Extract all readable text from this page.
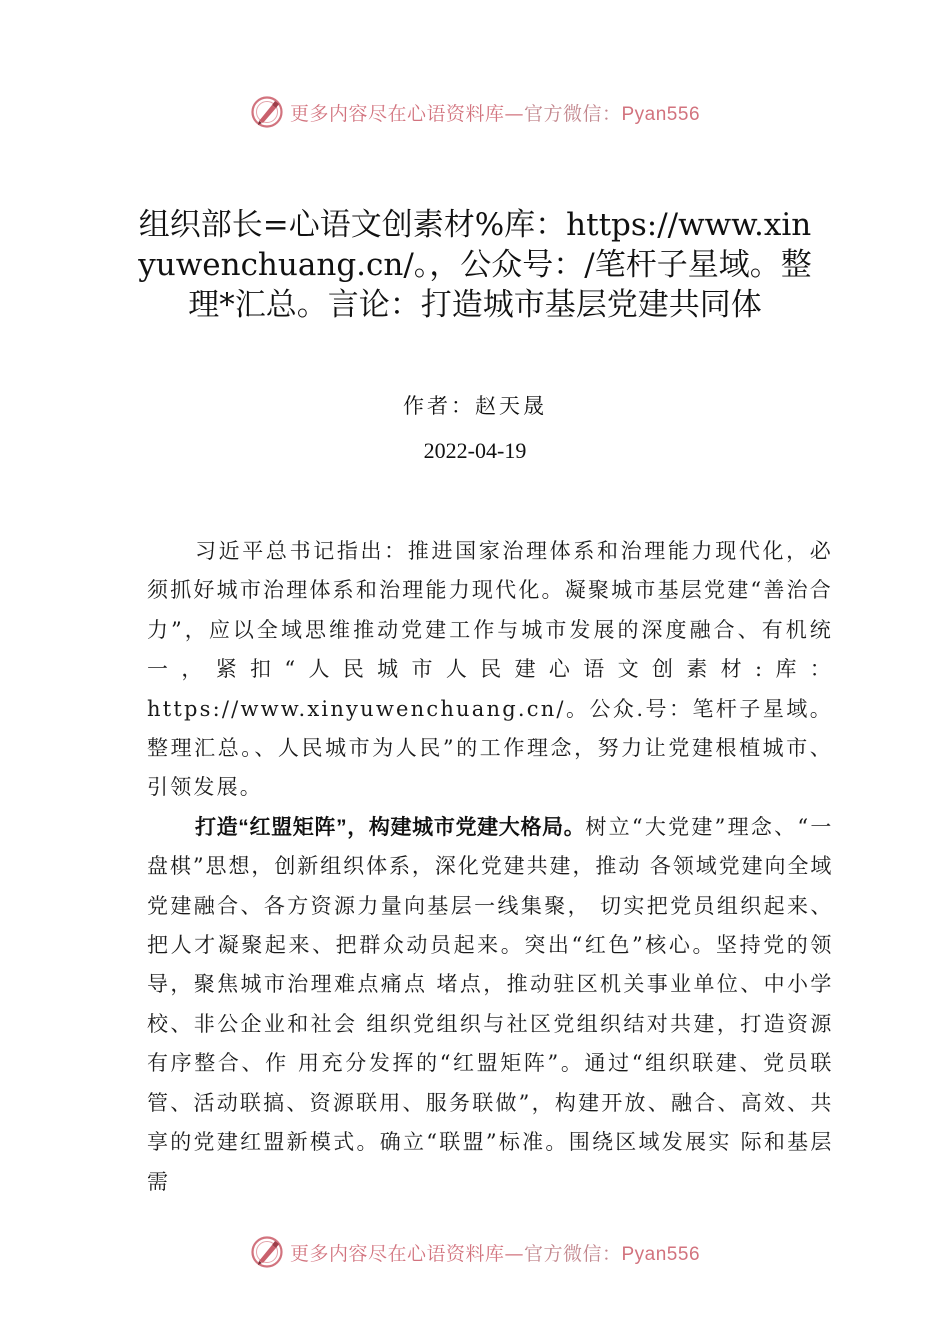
更多内容尽在心语资料库—官方微信：Pyan556
组织部长=心语文创素材%库：https://www.xinyuwenchuang.cn/。，公众号：/笔杆子星域。整理*汇总。言论：打造城市基层党建共同体
作者：赵天晟
2022-04-19

习近平总书记指出：推进国家治理体系和治理能力现代化，必须抓好城市治理体系和治理能力现代化。凝聚城市基层党建“善治合力”，应以全域思维推动党建工作与城市发展的深度融合、有机统一，紧扣“人民城市人民建心语文创素材:库：https://www.xinyuwenchuang.cn/。公众.号：笔杆子星域。整理汇总。、人民城市为人民”的工作理念，努力让党建根植城市、引领发展。

打造“红盟矩阵”，构建城市党建大格局。树立“大党建”理念、“一盘棋”思想，创新组织体系，深化党建共建，推动 各领域党建向全域党建融合、各方资源力量向基层一线集聚， 切实把党员组织起来、把人才凝聚起来、把群众动员起来。突出“红色”核心。坚持党的领导，聚焦城市治理难点痛点 堵点，推动驻区机关事业单位、中小学校、非公企业和社会 组织党组织与社区党组织结对共建，打造资源有序整合、作 用充分发挥的“红盟矩阵”。通过“组织联建、党员联管、活动联搞、资源联用、服务联做”，构建开放、融合、高效、共 享的党建红盟新模式。确立“联盟”标准。围绕区域发展实 际和基层需

更多内容尽在心语资料库—官方微信：Pyan556
